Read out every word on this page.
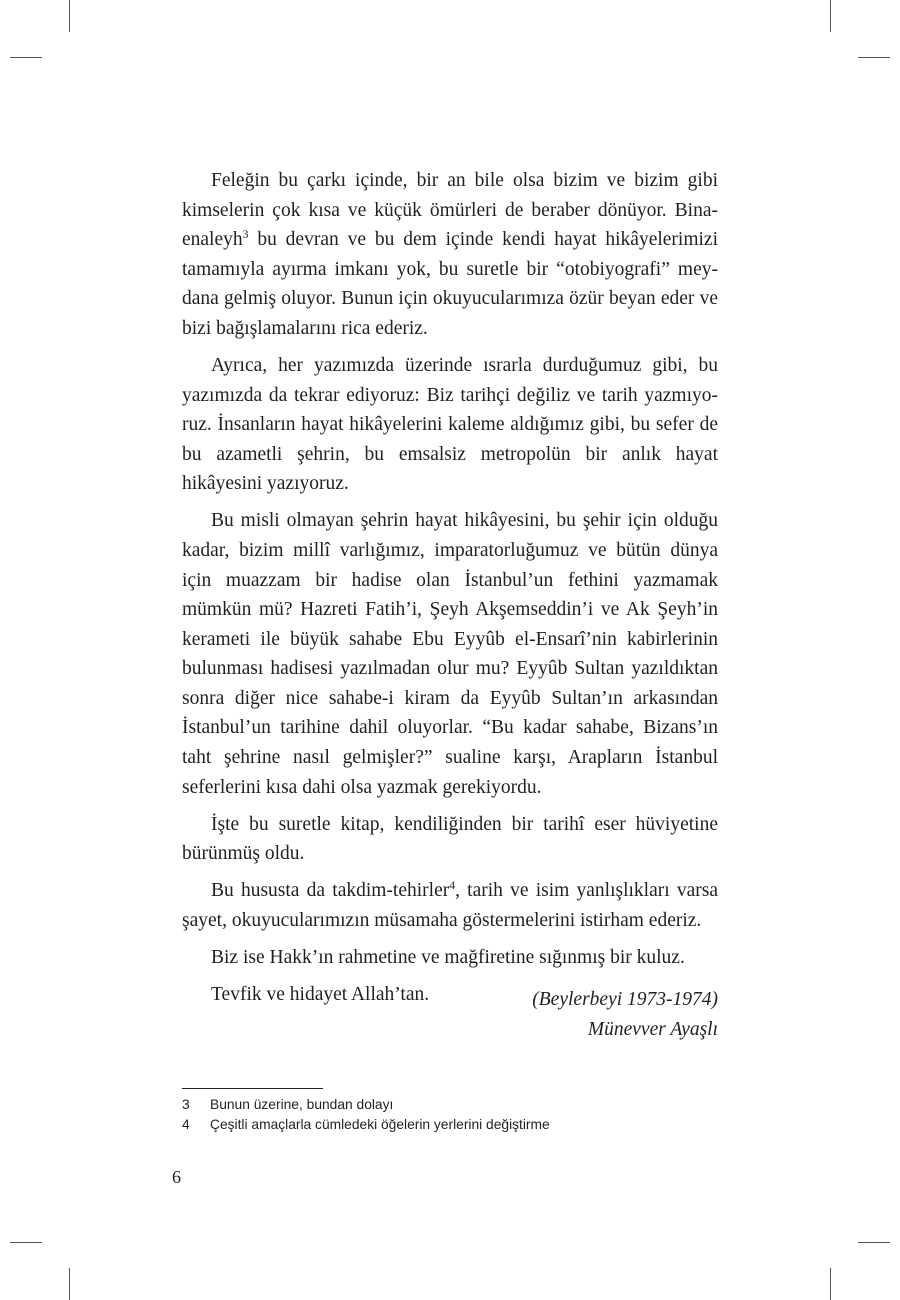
Feleğin bu çarkı içinde, bir an bile olsa bizim ve bizim gibi kimselerin çok kısa ve küçük ömürleri de beraber dönüyor. Binaenaleyh$^3$ bu devran ve bu dem içinde kendi hayat hikâyelerimizi tamamıyla ayırma imkanı yok, bu suretle bir “otobiyografi” meydana gelmiş oluyor. Bunun için okuyucularımıza özür beyan eder ve bizi bağışlamalarını rica ederiz.

Ayrıca, her yazımızda üzerinde ısrarla durduğumuz gibi, bu yazımızda da tekrar ediyoruz: Biz tarihçi değiliz ve tarih yazmıyoruz. İnsanların hayat hikâyelerini kaleme aldığımız gibi, bu sefer de bu azametli şehrin, bu emsalsiz metropolün bir anlık hayat hikâyesini yazıyoruz.

Bu misli olmayan şehrin hayat hikâyesini, bu şehir için olduğu kadar, bizim millî varlığımız, imparatorluğumuz ve bütün dünya için muazzam bir hadise olan İstanbul’un fethini yazmamak mümkün mü? Hazreti Fatih’i, Şeyh Akşemseddin’i ve Ak Şeyh’in kerameti ile büyük sahabe Ebu Eyyûb el-Ensarî’nin kabirlerinin bulunması hadisesi yazılmadan olur mu? Eyyûb Sultan yazıldıktan sonra diğer nice sahabe-i kiram da Eyyûb Sultan’ın arkasından İstanbul’un tarihine dahil oluyorlar. “Bu kadar sahabe, Bizans’ın taht şehrine nasıl gelmişler?” sualine karşı, Arapların İstanbul seferlerini kısa dahi olsa yazmak gerekiyordu.

İşte bu suretle kitap, kendiliğinden bir tarihî eser hüviyetine bürünmüş oldu.

Bu hususta da takdim-tehirler$^4$, tarih ve isim yanlışlıkları varsa şayet, okuyucularımızın müsamaha göstermelerini istirham ederiz.

Biz ise Hakk’ın rahmetine ve mağfiretine sığınmış bir kuluz.

Tevfik ve hidayet Allah’tan.	(Beylerbeyi 1973-1974)
Münevver Ayaşlı
3	Bunun üzerine, bundan dolayı
4	Çeşitli amaçlarla cümledeki öğelerin yerlerini değiştirme
6
